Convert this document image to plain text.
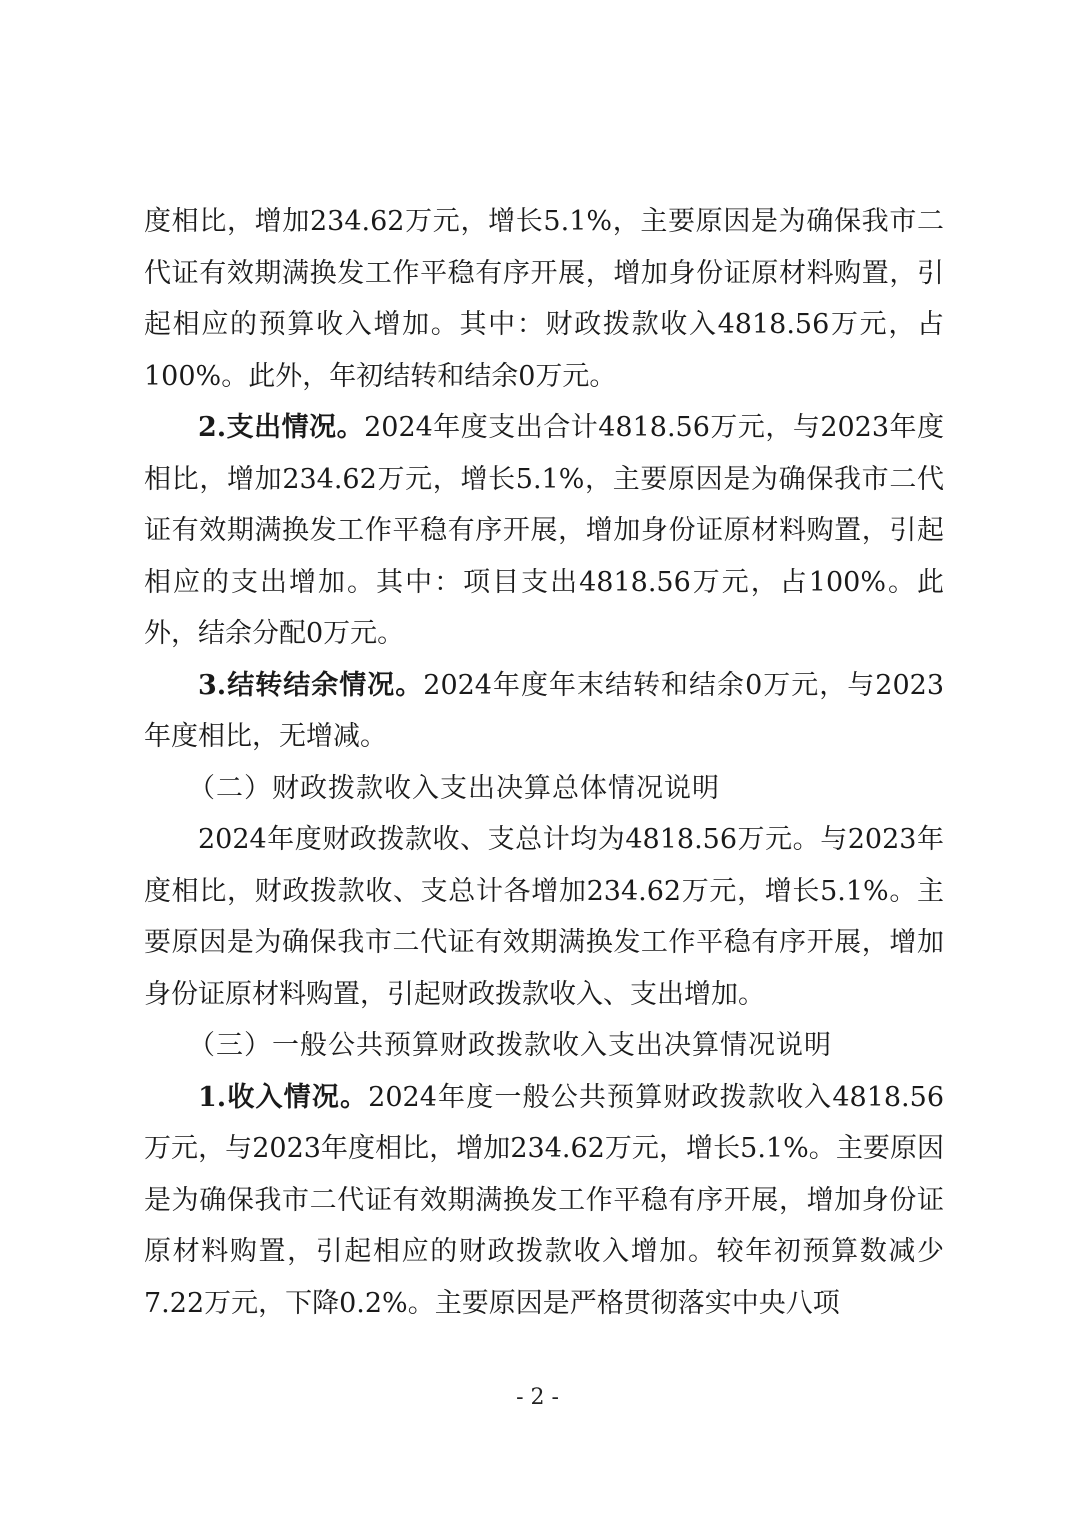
度相比，增加234.62万元，增长5.1%，主要原因是为确保我市二代证有效期满换发工作平稳有序开展，增加身份证原材料购置，引起相应的预算收入增加。其中：财政拨款收入4818.56万元，占100%。此外，年初结转和结余0万元。

2.支出情况。2024年度支出合计4818.56万元，与2023年度相比，增加234.62万元，增长5.1%，主要原因是为确保我市二代证有效期满换发工作平稳有序开展，增加身份证原材料购置，引起相应的支出增加。其中：项目支出4818.56万元，占100%。此外，结余分配0万元。

3.结转结余情况。2024年度年末结转和结余0万元，与2023年度相比，无增减。

（二）财政拨款收入支出决算总体情况说明

2024年度财政拨款收、支总计均为4818.56万元。与2023年度相比，财政拨款收、支总计各增加234.62万元，增长5.1%。主要原因是为确保我市二代证有效期满换发工作平稳有序开展，增加身份证原材料购置，引起财政拨款收入、支出增加。

（三）一般公共预算财政拨款收入支出决算情况说明

1.收入情况。2024年度一般公共预算财政拨款收入4818.56万元，与2023年度相比，增加234.62万元，增长5.1%。主要原因是为确保我市二代证有效期满换发工作平稳有序开展，增加身份证原材料购置，引起相应的财政拨款收入增加。较年初预算数减少7.22万元，下降0.2%。主要原因是严格贯彻落实中央八项

- 2 -
